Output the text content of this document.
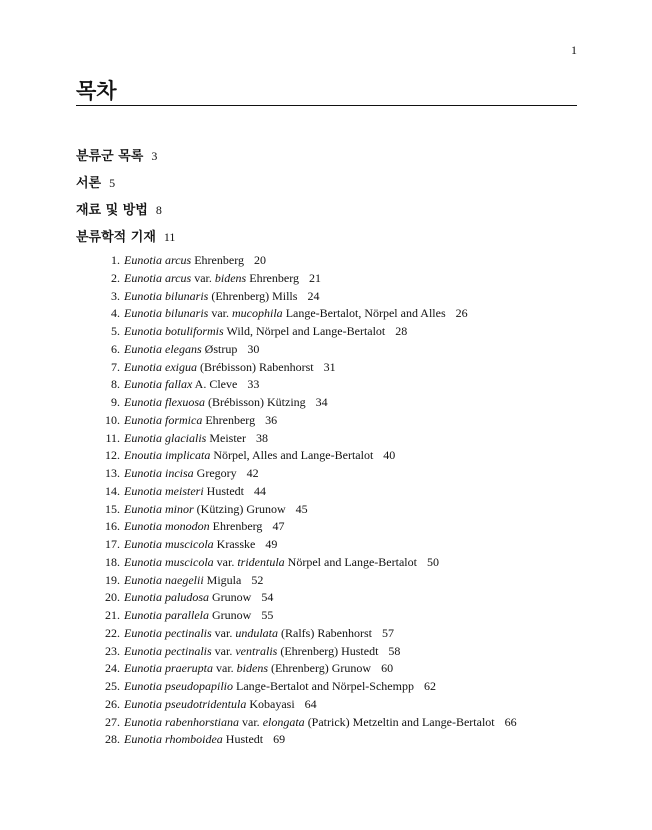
1
목차
분류군 목록 3
서론 5
재료 및 방법 8
분류학적 기재 11
1. Eunotia arcus Ehrenberg 20
2. Eunotia arcus var. bidens Ehrenberg 21
3. Eunotia bilunaris (Ehrenberg) Mills 24
4. Eunotia bilunaris var. mucophila Lange-Bertalot, Nörpel and Alles 26
5. Eunotia botuliformis Wild, Nörpel and Lange-Bertalot 28
6. Eunotia elegans Østrup 30
7. Eunotia exigua (Brébisson) Rabenhorst 31
8. Eunotia fallax A. Cleve 33
9. Eunotia flexuosa (Brébisson) Kützing 34
10. Eunotia formica Ehrenberg 36
11. Eunotia glacialis Meister 38
12. Enoutia implicata Nörpel, Alles and Lange-Bertalot 40
13. Eunotia incisa Gregory 42
14. Eunotia meisteri Hustedt 44
15. Eunotia minor (Kützing) Grunow 45
16. Eunotia monodon Ehrenberg 47
17. Eunotia muscicola Krasske 49
18. Eunotia muscicola var. tridentula Nörpel and Lange-Bertalot 50
19. Eunotia naegelii Migula 52
20. Eunotia paludosa Grunow 54
21. Eunotia parallela Grunow 55
22. Eunotia pectinalis var. undulata (Ralfs) Rabenhorst 57
23. Eunotia pectinalis var. ventralis (Ehrenberg) Hustedt 58
24. Eunotia praerupta var. bidens (Ehrenberg) Grunow 60
25. Eunotia pseudopapilio Lange-Bertalot and Nörpel-Schempp 62
26. Eunotia pseudotridentula Kobayasi 64
27. Eunotia rabenhorstiana var. elongata (Patrick) Metzeltin and Lange-Bertalot 66
28. Eunotia rhomboidea Hustedt 69
